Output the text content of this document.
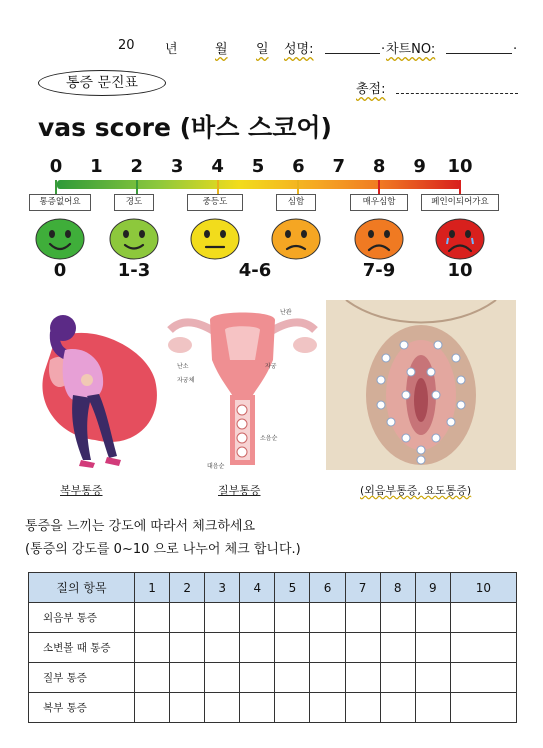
20 년	월 일 성명:	. 차트NO:	.
통증 문진표	총점:
vas score (바스 스코어)
0	1	2	3	4	5	6	7	8	9	10
통증없어요	경도	중등도	심함	매우심함	페인이되어가요
0	1-3	4-6	7-9	10
난관
난소	자궁
자궁체
소음순
대음순
복부통증	질부통증	(외음부통증, 요도통증)
통증을 느끼는 강도에 따라서 체크하세요
(통증의 강도를 0~10 으로 나누어 체크 합니다.)
질의 항목	1	2	3	4	5	6	7	8	9	10
외음부 통증										
소변볼 때 통증										
질부 통증										
복부 통증										
